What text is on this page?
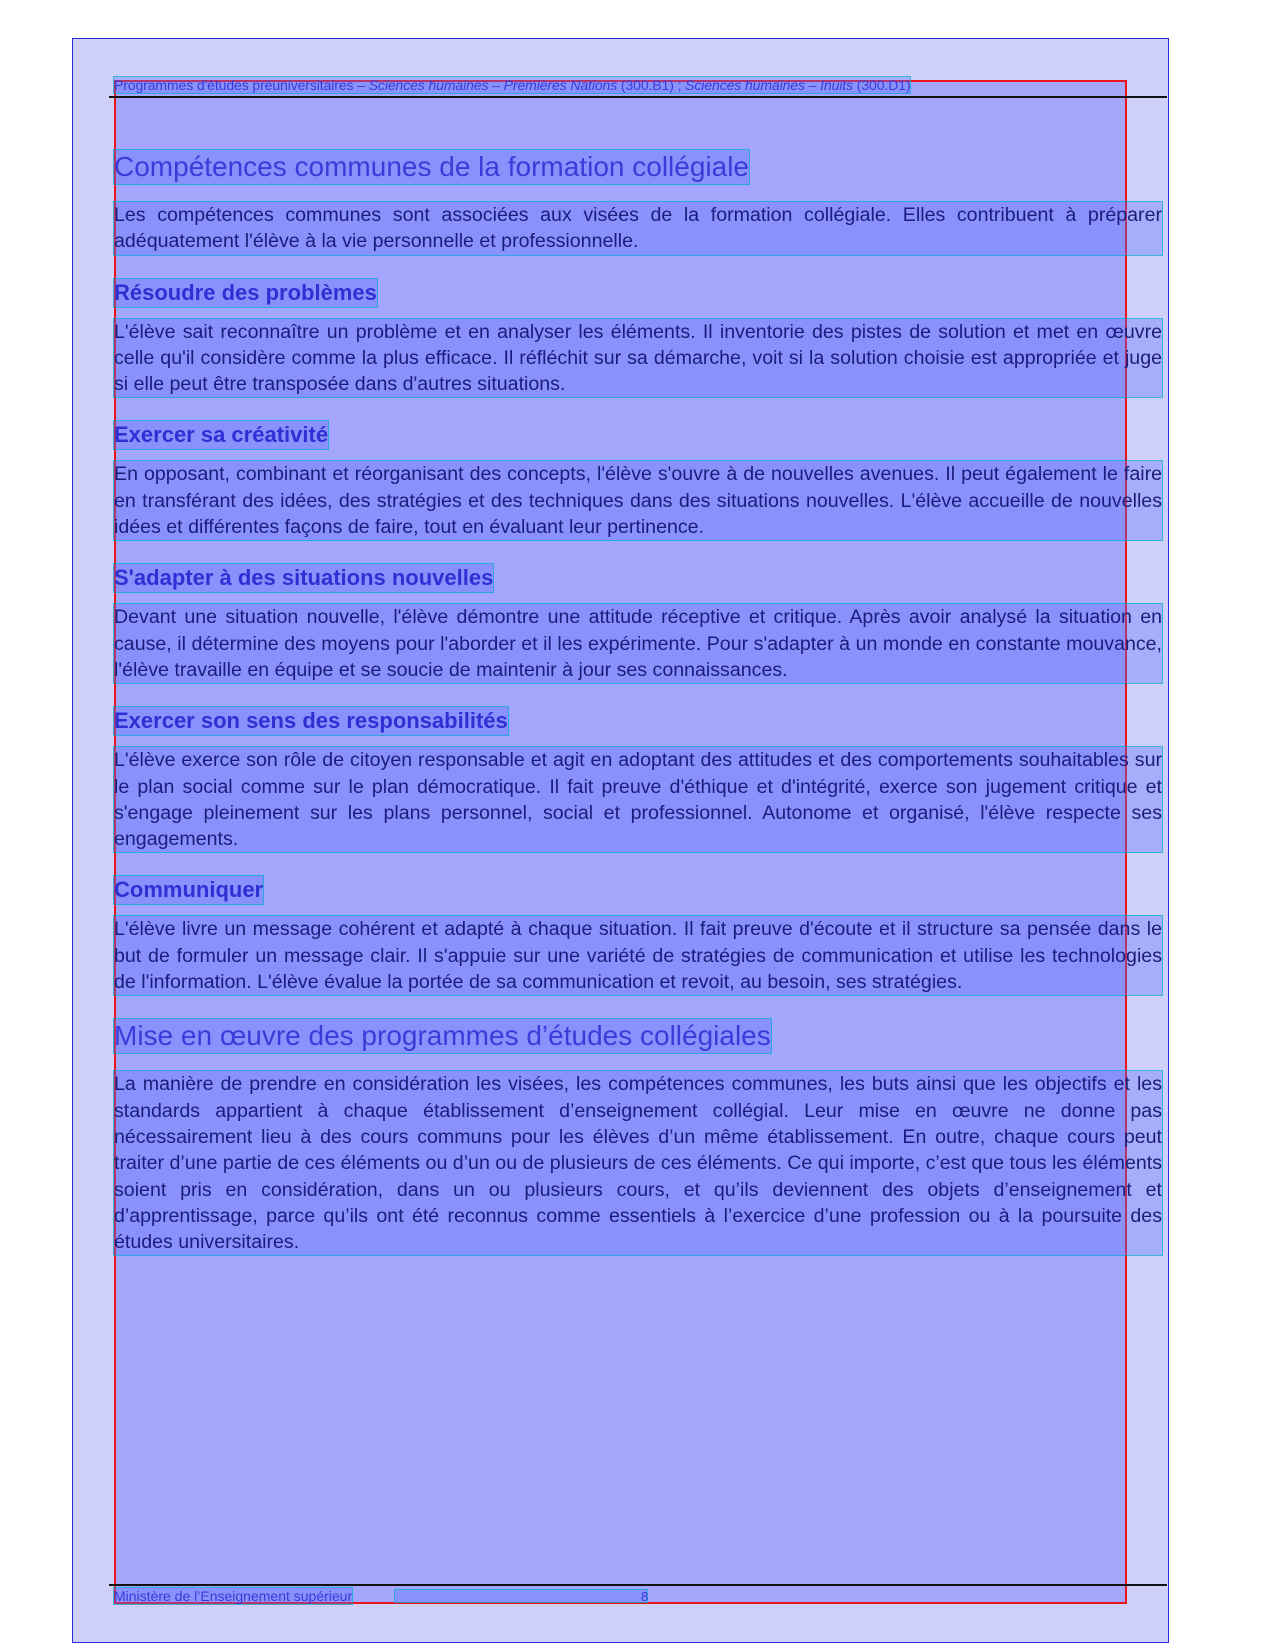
Programmes d'études préuniversitaires – Sciences humaines – Premières Nations (300.B1) ; Sciences humaines – Inuits (300.D1)
Compétences communes de la formation collégiale

Les compétences communes sont associées aux visées de la formation collégiale. Elles contribuent à préparer adéquatement l'élève à la vie personnelle et professionnelle.

Résoudre des problèmes

L'élève sait reconnaître un problème et en analyser les éléments. Il inventorie des pistes de solution et met en œuvre celle qu'il considère comme la plus efficace. Il réfléchit sur sa démarche, voit si la solution choisie est appropriée et juge si elle peut être transposée dans d'autres situations.

Exercer sa créativité

En opposant, combinant et réorganisant des concepts, l'élève s'ouvre à de nouvelles avenues. Il peut également le faire en transférant des idées, des stratégies et des techniques dans des situations nouvelles. L'élève accueille de nouvelles idées et différentes façons de faire, tout en évaluant leur pertinence.

S'adapter à des situations nouvelles

Devant une situation nouvelle, l'élève démontre une attitude réceptive et critique. Après avoir analysé la situation en cause, il détermine des moyens pour l'aborder et il les expérimente. Pour s'adapter à un monde en constante mouvance, l'élève travaille en équipe et se soucie de maintenir à jour ses connaissances.

Exercer son sens des responsabilités

L'élève exerce son rôle de citoyen responsable et agit en adoptant des attitudes et des comportements souhaitables sur le plan social comme sur le plan démocratique. Il fait preuve d'éthique et d'intégrité, exerce son jugement critique et s'engage pleinement sur les plans personnel, social et professionnel. Autonome et organisé, l'élève respecte ses engagements.

Communiquer

L'élève livre un message cohérent et adapté à chaque situation. Il fait preuve d'écoute et il structure sa pensée dans le but de formuler un message clair. Il s'appuie sur une variété de stratégies de communication et utilise les technologies de l'information. L'élève évalue la portée de sa communication et revoit, au besoin, ses stratégies.

Mise en œuvre des programmes d’études collégiales

La manière de prendre en considération les visées, les compétences communes, les buts ainsi que les objectifs et les standards appartient à chaque établissement d’enseignement collégial. Leur mise en œuvre ne donne pas nécessairement lieu à des cours communs pour les élèves d’un même établissement. En outre, chaque cours peut traiter d’une partie de ces éléments ou d’un ou de plusieurs de ces éléments. Ce qui importe, c’est que tous les éléments soient pris en considération, dans un ou plusieurs cours, et qu’ils deviennent des objets d’enseignement et d’apprentissage, parce qu’ils ont été reconnus comme essentiels à l’exercice d’une profession ou à la poursuite des études universitaires.

Ministère de l’Enseignement supérieur	8
